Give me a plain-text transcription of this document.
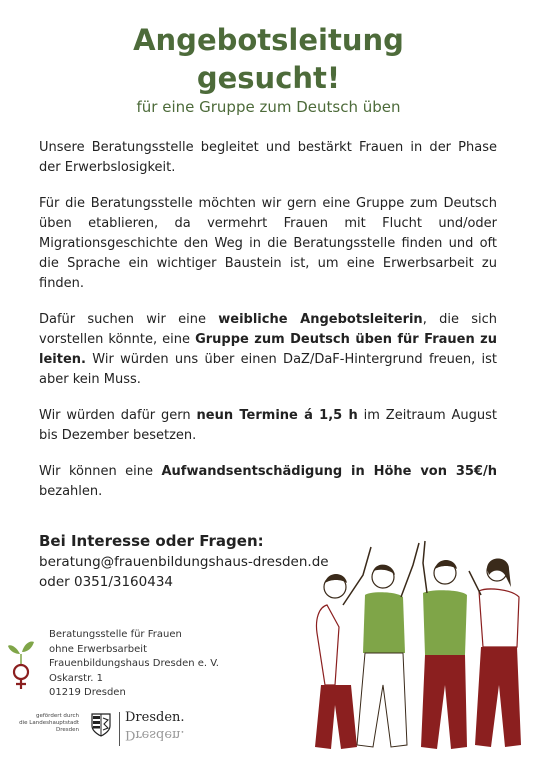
Angebotsleitung
gesucht!
für eine Gruppe zum Deutsch üben

Unsere Beratungsstelle begleitet und bestärkt Frauen in der Phase der Erwerbslosigkeit.

Für die Beratungsstelle möchten wir gern eine Gruppe zum Deutsch üben etablieren, da vermehrt Frauen mit Flucht und/oder Migrationsgeschichte den Weg in die Beratungsstelle finden und oft die Sprache ein wichtiger Baustein ist, um eine Erwerbsarbeit zu finden.

Dafür suchen wir eine weibliche Angebotsleiterin, die sich vorstellen könnte, eine Gruppe zum Deutsch üben für Frauen zu leiten. Wir würden uns über einen DaZ/DaF-Hintergrund freuen, ist aber kein Muss.

Wir würden dafür gern neun Termine á 1,5 h im Zeitraum August bis Dezember besetzen.

Wir können eine Aufwandsentschädigung in Höhe von 35€/h bezahlen.

Bei Interesse oder Fragen:
beratung@frauenbildungshaus-dresden.de
oder 0351/3160434
Beratungsstelle für Frauen
ohne Erwerbsarbeit
Frauenbildungshaus Dresden e. V.
Oskarstr. 1
01219 Dresden
gefördert durch
die Landeshauptstadt
Dresden
Dresden.
Dresden.
